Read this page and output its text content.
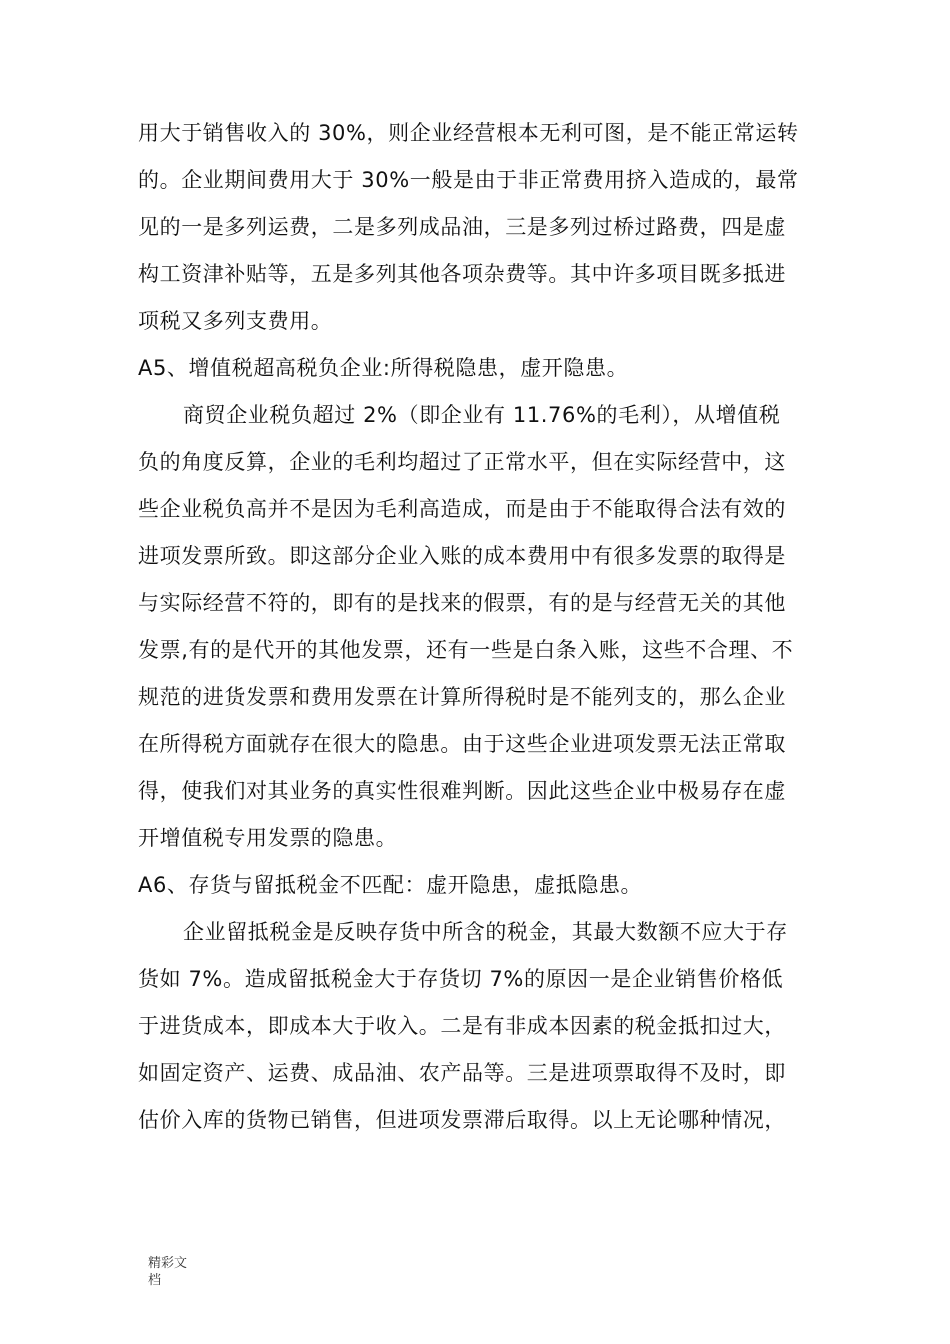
用大于销售收入的 30%，则企业经营根本无利可图，是不能正常运转
的。企业期间费用大于 30%一般是由于非正常费用挤入造成的，最常
见的一是多列运费，二是多列成品油，三是多列过桥过路费，四是虚
构工资津补贴等，五是多列其他各项杂费等。其中许多项目既多抵进
项税又多列支费用。
A5、增值税超高税负企业:所得税隐患，虚开隐患。
商贸企业税负超过 2%（即企业有 11.76%的毛利），从增值税
负的角度反算，企业的毛利均超过了正常水平，但在实际经营中，这
些企业税负高并不是因为毛利高造成，而是由于不能取得合法有效的
进项发票所致。即这部分企业入账的成本费用中有很多发票的取得是
与实际经营不符的，即有的是找来的假票，有的是与经营无关的其他
发票,有的是代开的其他发票，还有一些是白条入账，这些不合理、不
规范的进货发票和费用发票在计算所得税时是不能列支的，那么企业
在所得税方面就存在很大的隐患。由于这些企业进项发票无法正常取
得，使我们对其业务的真实性很难判断。因此这些企业中极易存在虚
开增值税专用发票的隐患。
A6、存货与留抵税金不匹配：虚开隐患，虚抵隐患。
企业留抵税金是反映存货中所含的税金，其最大数额不应大于存
货如 7%。造成留抵税金大于存货切 7%的原因一是企业销售价格低
于进货成本，即成本大于收入。二是有非成本因素的税金抵扣过大，
如固定资产、运费、成品油、农产品等。三是进项票取得不及时，即
估价入库的货物已销售，但进项发票滞后取得。以上无论哪种情况，
精彩文档
